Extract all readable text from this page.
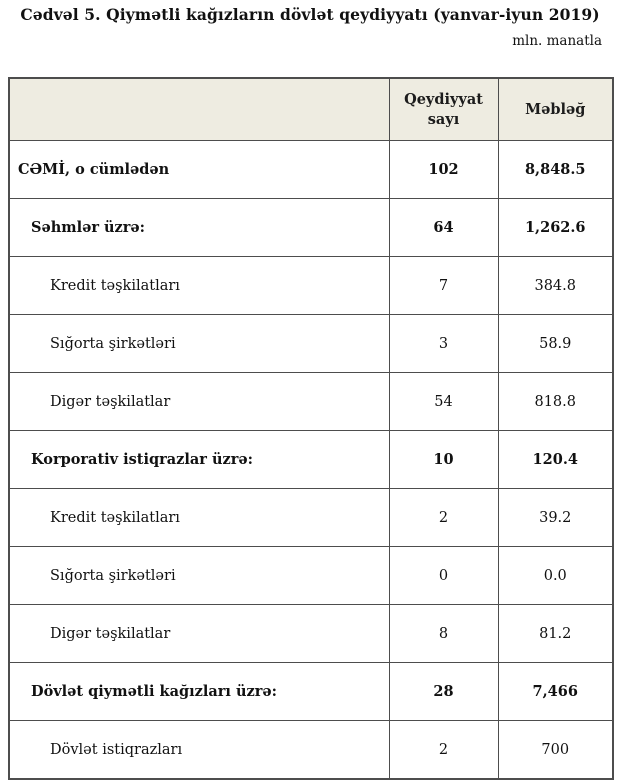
Cədvəl 5. Qiymətli kağızların dövlət qeydiyyatı (yanvar-iyun 2019)
mln. manatla
	Qeydiyyat sayı	Məbləğ
CƏMİ, o cümlədən	102	8,848.5
Səhmlər üzrə:	64	1,262.6
Kredit təşkilatları	7	384.8
Sığorta şirkətləri	3	58.9
Digər təşkilatlar	54	818.8
Korporativ istiqrazlar üzrə:	10	120.4
Kredit təşkilatları	2	39.2
Sığorta şirkətləri	0	0.0
Digər təşkilatlar	8	81.2
Dövlət qiymətli kağızları üzrə:	28	7,466
Dövlət istiqrazları	2	700
